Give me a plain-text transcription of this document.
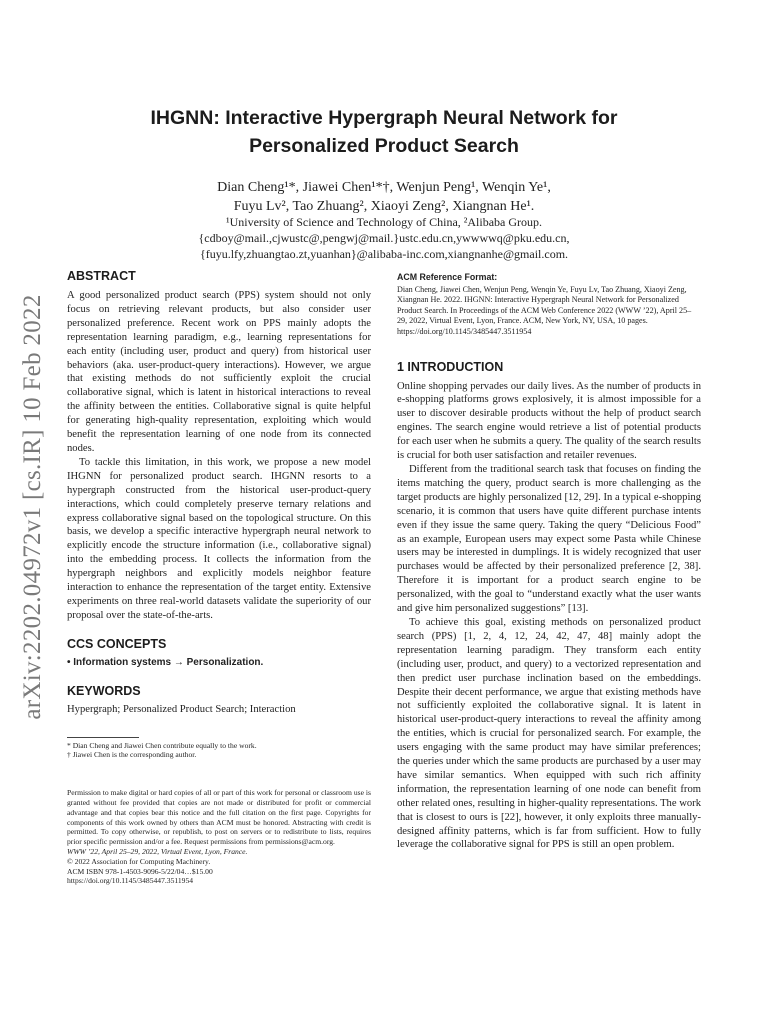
arXiv:2202.04972v1 [cs.IR] 10 Feb 2022
IHGNN: Interactive Hypergraph Neural Network for
Personalized Product Search
Dian Cheng¹*, Jiawei Chen¹*†, Wenjun Peng¹, Wenqin Ye¹,
Fuyu Lv², Tao Zhuang², Xiaoyi Zeng², Xiangnan He¹.
¹University of Science and Technology of China, ²Alibaba Group.
{cdboy@mail.,cjwustc@,pengwj@mail.}ustc.edu.cn,ywwwwq@pku.edu.cn,
{fuyu.lfy,zhuangtao.zt,yuanhan}@alibaba-inc.com,xiangnanhe@gmail.com.
ABSTRACT

A good personalized product search (PPS) system should not only focus on retrieving relevant products, but also consider user personalized preference. Recent work on PPS mainly adopts the representation learning paradigm, e.g., learning representations for each entity (including user, product and query) from historical user behaviors (aka. user-product-query interactions). However, we argue that existing methods do not sufficiently exploit the crucial collaborative signal, which is latent in historical interactions to reveal the affinity between the entities. Collaborative signal is quite helpful for generating high-quality representation, exploiting which would benefit the representation learning of one node from its connected nodes.

To tackle this limitation, in this work, we propose a new model IHGNN for personalized product search. IHGNN resorts to a hypergraph constructed from the historical user-product-query interactions, which could completely preserve ternary relations and express collaborative signal based on the topological structure. On this basis, we develop a specific interactive hypergraph neural network to explicitly encode the structure information (i.e., collaborative signal) into the embedding process. It collects the information from the hypergraph neighbors and explicitly models neighbor feature interaction to enhance the representation of the target entity. Extensive experiments on three real-world datasets validate the superiority of our proposal over the state-of-the-arts.

CCS CONCEPTS
• Information systems → Personalization.
KEYWORDS
Hypergraph; Personalized Product Search; Interaction
* Dian Cheng and Jiawei Chen contribute equally to the work.
† Jiawei Chen is the corresponding author.
Permission to make digital or hard copies of all or part of this work for personal or classroom use is granted without fee provided that copies are not made or distributed for profit or commercial advantage and that copies bear this notice and the full citation on the first page. Copyrights for components of this work owned by others than ACM must be honored. Abstracting with credit is permitted. To copy otherwise, or republish, to post on servers or to redistribute to lists, requires prior specific permission and/or a fee. Request permissions from permissions@acm.org.
WWW ’22, April 25–29, 2022, Virtual Event, Lyon, France.
© 2022 Association for Computing Machinery.
ACM ISBN 978-1-4503-9096-5/22/04…$15.00
https://doi.org/10.1145/3485447.3511954
ACM Reference Format:
Dian Cheng, Jiawei Chen, Wenjun Peng, Wenqin Ye, Fuyu Lv, Tao Zhuang, Xiaoyi Zeng, Xiangnan He. 2022. IHGNN: Interactive Hypergraph Neural Network for Personalized Product Search. In Proceedings of the ACM Web Conference 2022 (WWW ’22), April 25–29, 2022, Virtual Event, Lyon, France. ACM, New York, NY, USA, 10 pages. https://doi.org/10.1145/3485447.3511954
1 INTRODUCTION

Online shopping pervades our daily lives. As the number of products in e-shopping platforms grows explosively, it is almost impossible for a user to discover desirable products without the help of product search engines. The search engine would retrieve a list of potential products for each user when he submits a query. The quality of the search results is crucial for both user satisfaction and retailer revenues.

Different from the traditional search task that focuses on finding the items matching the query, product search is more challenging as the target products are highly personalized [12, 29]. In a typical e-shopping scenario, it is common that users have quite different purchase intents even if they issue the same query. Taking the query “Delicious Food” as an example, European users may expect some Pasta while Chinese users may be interested in dumplings. It is widely recognized that user purchases would be affected by their personalized preference [2, 38]. Therefore it is important for a product search engine to be personalized, with the goal to “understand exactly what the user wants and give him personalized suggestions” [13].

To achieve this goal, existing methods on personalized product search (PPS) [1, 2, 4, 12, 24, 42, 47, 48] mainly adopt the representation learning paradigm. They transform each entity (including user, product, and query) to a vectorized representation and then predict user purchase inclination based on the embeddings. Despite their decent performance, we argue that existing methods have not sufficiently exploited the collaborative signal. It is latent in historical user-product-query interactions to reveal the affinity among the entities, which is crucial for personalized search. For example, the users engaging with the same product may have similar preferences; the queries under which the same products are purchased by a user may have similar semantics. When equipped with such rich affinity information, the representation learning of one node can benefit from other related ones, resulting in higher-quality representations. The work that is closest to ours is [22], however, it only exploits three manually-designed affinity patterns, which is far from sufficient. How to fully leverage the collaborative signal for PPS is still an open problem.
